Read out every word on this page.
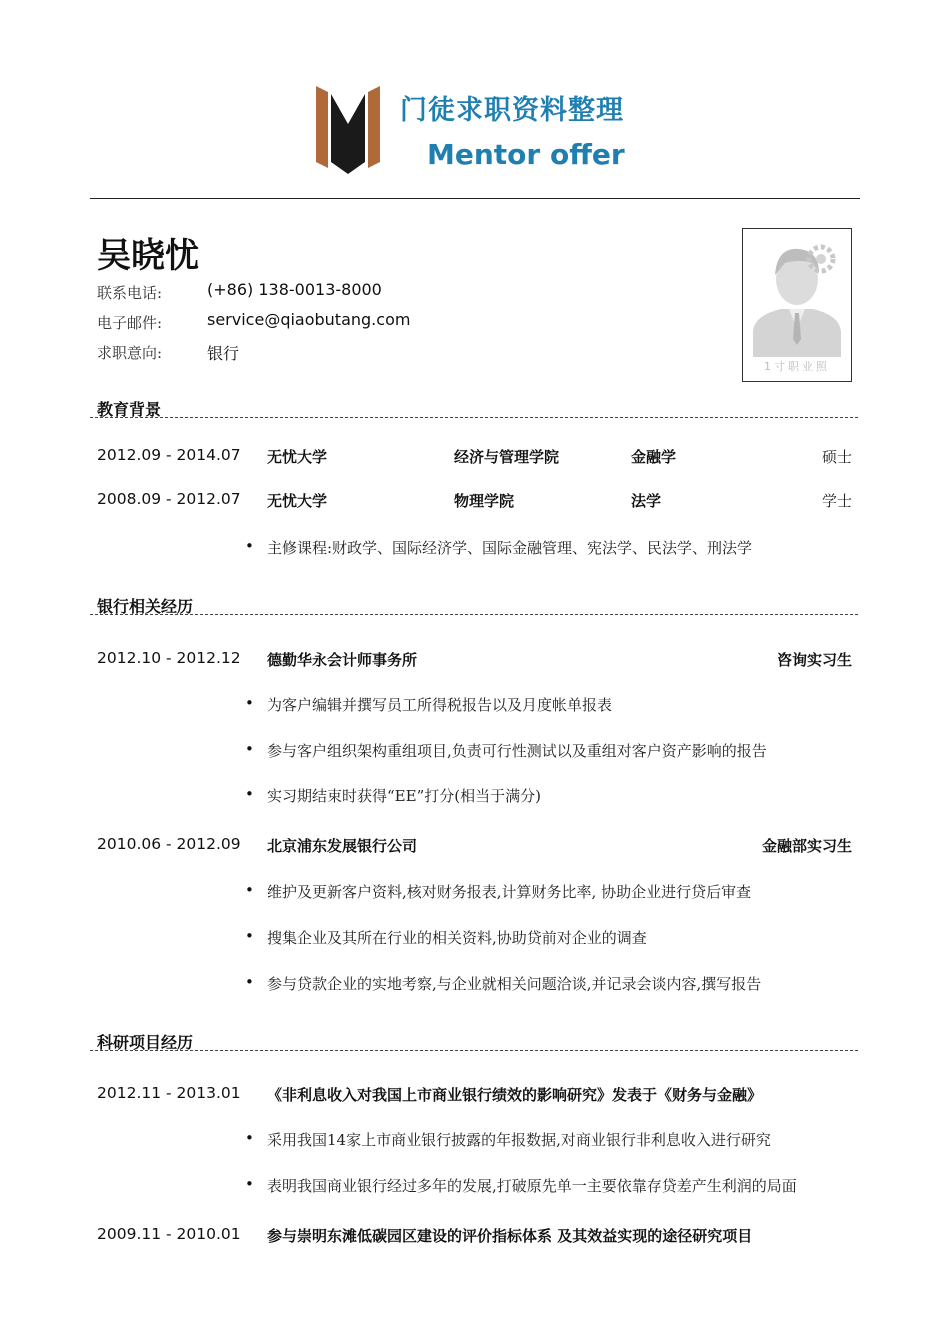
门徒求职资料整理
Mentor offer
吴晓忧
联系电话:	(+86) 138-0013-8000
电子邮件:	service@qiaobutang.com
求职意向:	银行
1寸职业照
教育背景
2012.09 - 2014.07 无忧大学	经济与管理学院	金融学	硕士
2008.09 - 2012.07 无忧大学	物理学院	法学	学士
• 主修课程:财政学、国际经济学、国际金融管理、宪法学、民法学、刑法学
银行相关经历
2012.10 - 2012.12 德勤华永会计师事务所	咨询实习生
• 为客户编辑并撰写员工所得税报告以及月度帐单报表
• 参与客户组织架构重组项目,负责可行性测试以及重组对客户资产影响的报告
• 实习期结束时获得“EE”打分(相当于满分)
2010.06 - 2012.09 北京浦东发展银行公司	金融部实习生
• 维护及更新客户资料,核对财务报表,计算财务比率, 协助企业进行贷后审查
• 搜集企业及其所在行业的相关资料,协助贷前对企业的调查
• 参与贷款企业的实地考察,与企业就相关问题洽谈,并记录会谈内容,撰写报告
科研项目经历
2012.11 - 2013.01 《非利息收入对我国上市商业银行绩效的影响研究》发表于《财务与金融》
• 采用我国14家上市商业银行披露的年报数据,对商业银行非利息收入进行研究
• 表明我国商业银行经过多年的发展,打破原先单一主要依靠存贷差产生利润的局面
2009.11 - 2010.01 参与崇明东滩低碳园区建设的评价指标体系 及其效益实现的途径研究项目
